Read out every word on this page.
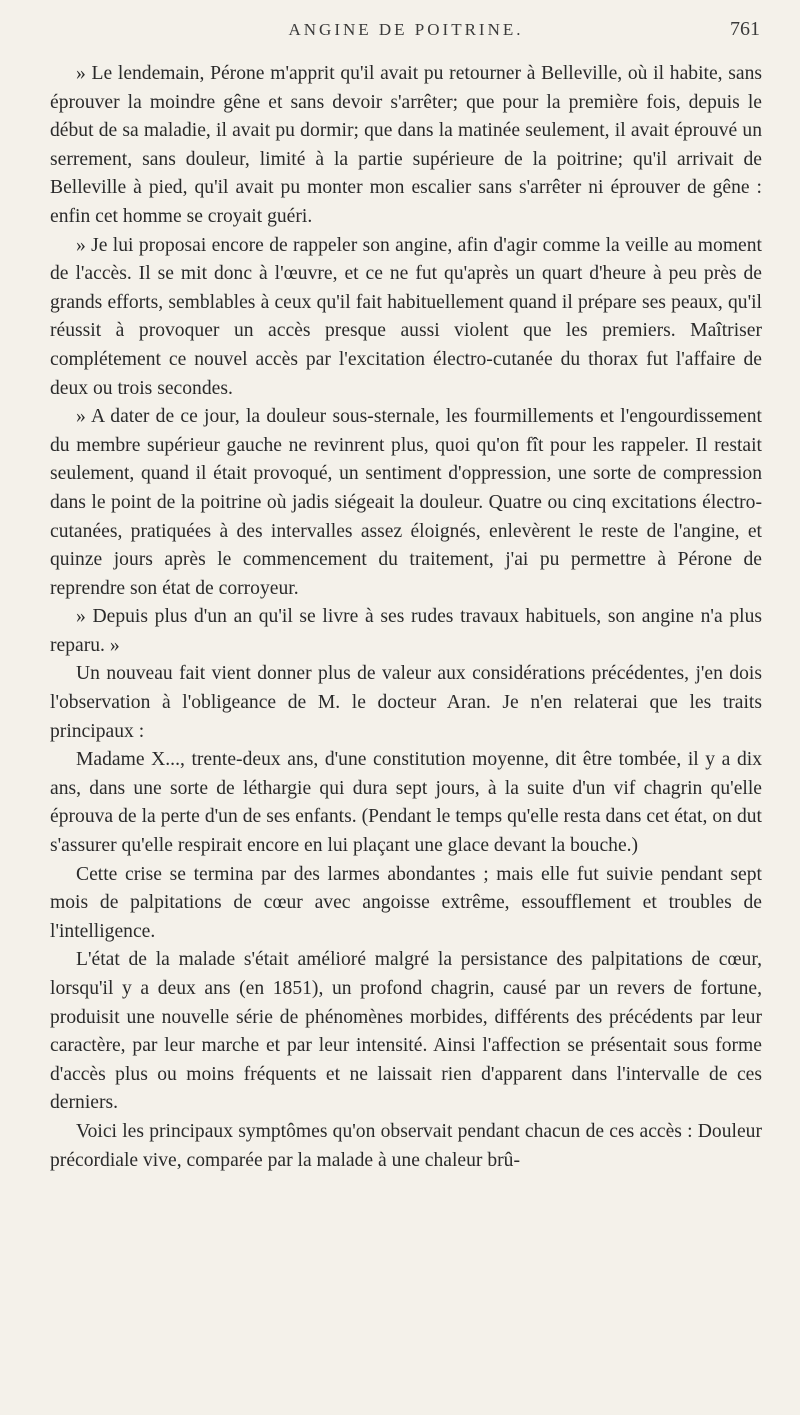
ANGINE DE POITRINE.	761

» Le lendemain, Pérone m'apprit qu'il avait pu retourner à Belleville, où il habite, sans éprouver la moindre gêne et sans devoir s'arrêter; que pour la première fois, depuis le début de sa maladie, il avait pu dormir; que dans la matinée seulement, il avait éprouvé un serrement, sans douleur, limité à la partie supérieure de la poitrine; qu'il arrivait de Belleville à pied, qu'il avait pu monter mon escalier sans s'arrêter ni éprouver de gêne : enfin cet homme se croyait guéri.

» Je lui proposai encore de rappeler son angine, afin d'agir comme la veille au moment de l'accès. Il se mit donc à l'œuvre, et ce ne fut qu'après un quart d'heure à peu près de grands efforts, semblables à ceux qu'il fait habituellement quand il prépare ses peaux, qu'il réussit à provoquer un accès presque aussi violent que les premiers. Maîtriser complétement ce nouvel accès par l'excitation électro-cutanée du thorax fut l'affaire de deux ou trois secondes.

» A dater de ce jour, la douleur sous-sternale, les fourmillements et l'engourdissement du membre supérieur gauche ne revinrent plus, quoi qu'on fît pour les rappeler. Il restait seulement, quand il était provoqué, un sentiment d'oppression, une sorte de compression dans le point de la poitrine où jadis siégeait la douleur. Quatre ou cinq excitations électro-cutanées, pratiquées à des intervalles assez éloignés, enlevèrent le reste de l'angine, et quinze jours après le commencement du traitement, j'ai pu permettre à Pérone de reprendre son état de corroyeur.

» Depuis plus d'un an qu'il se livre à ses rudes travaux habituels, son angine n'a plus reparu. »

Un nouveau fait vient donner plus de valeur aux considérations précédentes, j'en dois l'observation à l'obligeance de M. le docteur Aran. Je n'en relaterai que les traits principaux :

Madame X..., trente-deux ans, d'une constitution moyenne, dit être tombée, il y a dix ans, dans une sorte de léthargie qui dura sept jours, à la suite d'un vif chagrin qu'elle éprouva de la perte d'un de ses enfants. (Pendant le temps qu'elle resta dans cet état, on dut s'assurer qu'elle respirait encore en lui plaçant une glace devant la bouche.)

Cette crise se termina par des larmes abondantes ; mais elle fut suivie pendant sept mois de palpitations de cœur avec angoisse extrême, essoufflement et troubles de l'intelligence.

L'état de la malade s'était amélioré malgré la persistance des palpitations de cœur, lorsqu'il y a deux ans (en 1851), un profond chagrin, causé par un revers de fortune, produisit une nouvelle série de phénomènes morbides, différents des précédents par leur caractère, par leur marche et par leur intensité. Ainsi l'affection se présentait sous forme d'accès plus ou moins fréquents et ne laissait rien d'apparent dans l'intervalle de ces derniers.

Voici les principaux symptômes qu'on observait pendant chacun de ces accès : Douleur précordiale vive, comparée par la malade à une chaleur brû-
